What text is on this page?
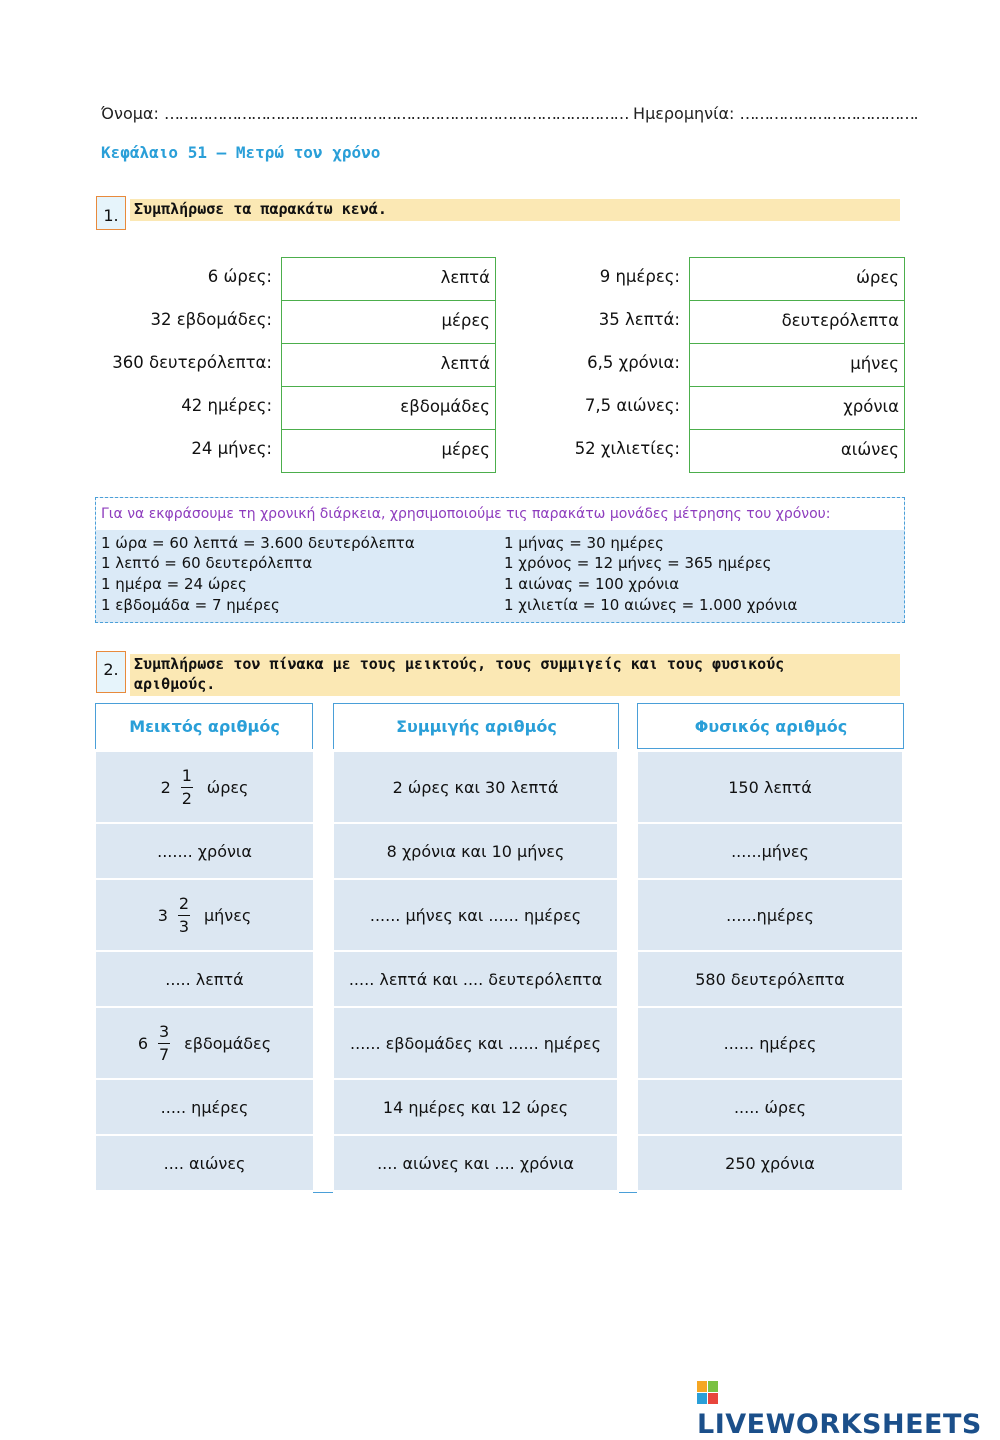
Όνομα: …………………………………………………………………………………… Ημερομηνία: ……………………………….
Κεφάλαιο 51 – Μετρώ τον χρόνο
1.	Συμπλήρωσε τα παρακάτω κενά.
6 ώρες:	λεπτά
32 εβδομάδες:	μέρες
360 δευτερόλεπτα:	λεπτά
42 ημέρες:	εβδομάδες
24 μήνες:	μέρες
9 ημέρες:	ώρες
35 λεπτά:	δευτερόλεπτα
6,5 χρόνια:	μήνες
7,5 αιώνες:	χρόνια
52 χιλιετίες:	αιώνες
Για να εκφράσουμε τη χρονική διάρκεια, χρησιμοποιούμε τις παρακάτω μονάδες μέτρησης του χρόνου:
1 ώρα = 60 λεπτά = 3.600 δευτερόλεπτα
1 λεπτό = 60 δευτερόλεπτα
1 ημέρα = 24 ώρες
1 εβδομάδα = 7 ημέρες
1 μήνας = 30 ημέρες
1 χρόνος = 12 μήνες = 365 ημέρες
1 αιώνας = 100 χρόνια
1 χιλιετία = 10 αιώνες = 1.000 χρόνια
2.	Συμπλήρωσε τον πίνακα με τους μεικτούς, τους συμμιγείς και τους φυσικούς
αριθμούς.
Μεικτός αριθμός	Συμμιγής αριθμός	Φυσικός αριθμός
$2 \frac{1}{2}$ ώρες	2 ώρες και 30 λεπτά	150 λεπτά
....... χρόνια	8 χρόνια και 10 μήνες	......μήνες
$3 \frac{2}{3}$ μήνες	...... μήνες και ...... ημέρες	......ημέρες
..... λεπτά	..... λεπτά και .... δευτερόλεπτα	580 δευτερόλεπτα
$6 \frac{3}{7}$ εβδομάδες	...... εβδομάδες και ...... ημέρες	...... ημέρες
..... ημέρες	14 ημέρες και 12 ώρες	..... ώρες
.... αιώνες	.... αιώνες και .... χρόνια	250 χρόνια
LIVEWORKSHEETS
